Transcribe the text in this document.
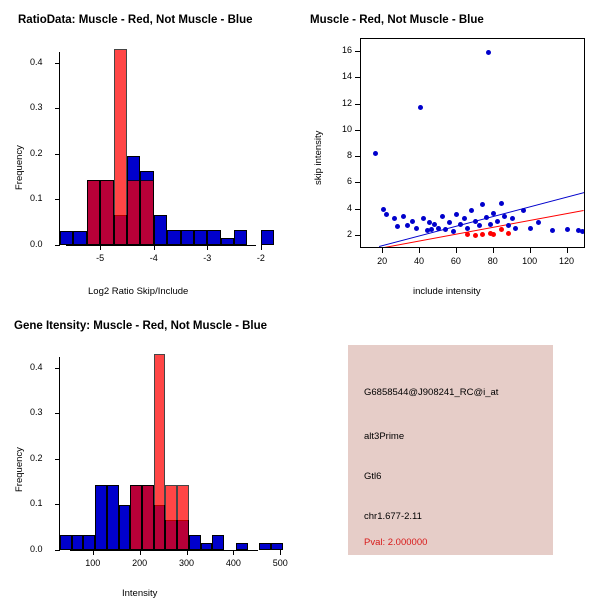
RatioData: Muscle - Red, Not Muscle - Blue
Frequency
Log2 Ratio Skip/Include
0.0
0.1
0.2
0.3
0.4
-5	-4	-3	-2
Muscle - Red, Not Muscle - Blue
skip intensity
include intensity
2
4
6
8
10
12
14
16
20	40	60	80	100	120
Gene Itensity: Muscle - Red, Not Muscle - Blue
Frequency
Intensity
0.0
0.1
0.2
0.3
0.4
100	200	300	400	500
G6858544@J908241_RC@i_at
alt3Prime
Gtl6
chr1.677-2.11
Pval: 2.000000
